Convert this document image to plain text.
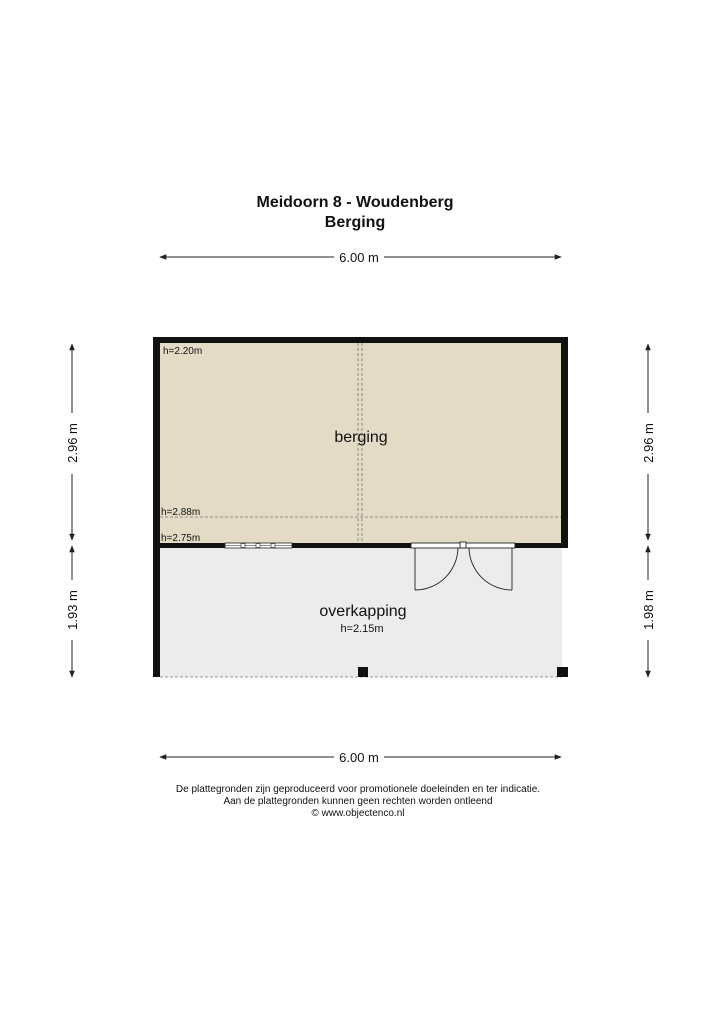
Meidoorn 8 - Woudenberg
Berging
6.00 m
6.00 m
2.96 m
1.93 m
2.96 m
1.98 m
berging
overkapping
h=2.15m
h=2.20m
h=2.88m
h=2.75m
De plattegronden zijn geproduceerd voor promotionele doeleinden en ter indicatie.
Aan de plattegronden kunnen geen rechten worden ontleend
© www.objectenco.nl
